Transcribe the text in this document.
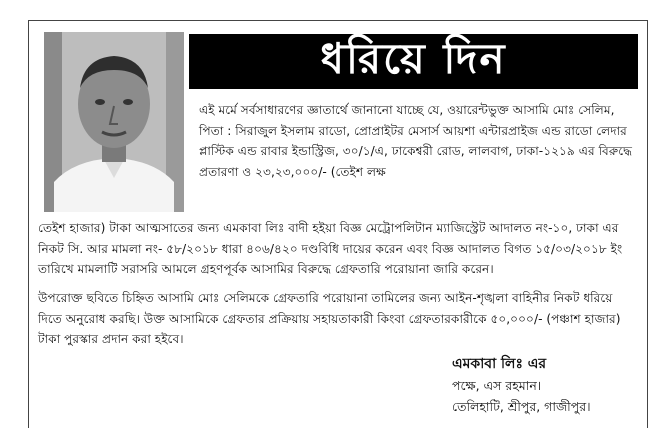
ধরিয়ে দিন
এই মর্মে সর্বসাধারণের জ্ঞাতার্থে জানানো যাচ্ছে যে, ওয়ারেন্টভুক্ত আসামি মোঃ সেলিম, পিতা : সিরাজুল ইসলাম রাডো, প্রোপ্রাইটর মেসার্স আয়শা এন্টারপ্রাইজ এন্ড রাডো লেদার প্লাস্টিক এন্ড রাবার ইন্ডাস্ট্রিজ, ৩০/১/এ, ঢাকেশ্বরী রোড, লালবাগ, ঢাকা-১২১৯ এর বিরুদ্ধে প্রতারণা ও ২৩,২৩,০০০/- (তেইশ লক্ষ
তেইশ হাজার) টাকা আত্মসাতের জন্য এমকাবা লিঃ বাদী হইয়া বিজ্ঞ মেট্রোপলিটান ম্যাজিস্ট্রেট আদালত নং-১০, ঢাকা এর নিকট সি. আর মামলা নং- ৫৮/২০১৮ ধারা ৪০৬/৪২০ দণ্ডবিধি দায়ের করেন এবং বিজ্ঞ আদালত বিগত ১৫/০৩/২০১৮ ইং তারিখে মামলাটি সরাসরি আমলে গ্রহণপূর্বক আসামির বিরুদ্ধে গ্রেফতারি পরোয়ানা জারি করেন।
উপরোক্ত ছবিতে চিহ্নিত আসামি মোঃ সেলিমকে গ্রেফতারি পরোয়ানা তামিলের জন্য আইন-শৃঙ্খলা বাহিনীর নিকট ধরিয়ে দিতে অনুরোধ করছি। উক্ত আসামিকে গ্রেফতার প্রক্রিয়ায় সহায়তাকারী কিংবা গ্রেফতারকারীকে ৫০,০০০/- (পঞ্চাশ হাজার) টাকা পুরস্কার প্রদান করা হইবে।
এমকাবা লিঃ এর
পক্ষে, এস রহমান।
তেলিহাটি, শ্রীপুর, গাজীপুর।
